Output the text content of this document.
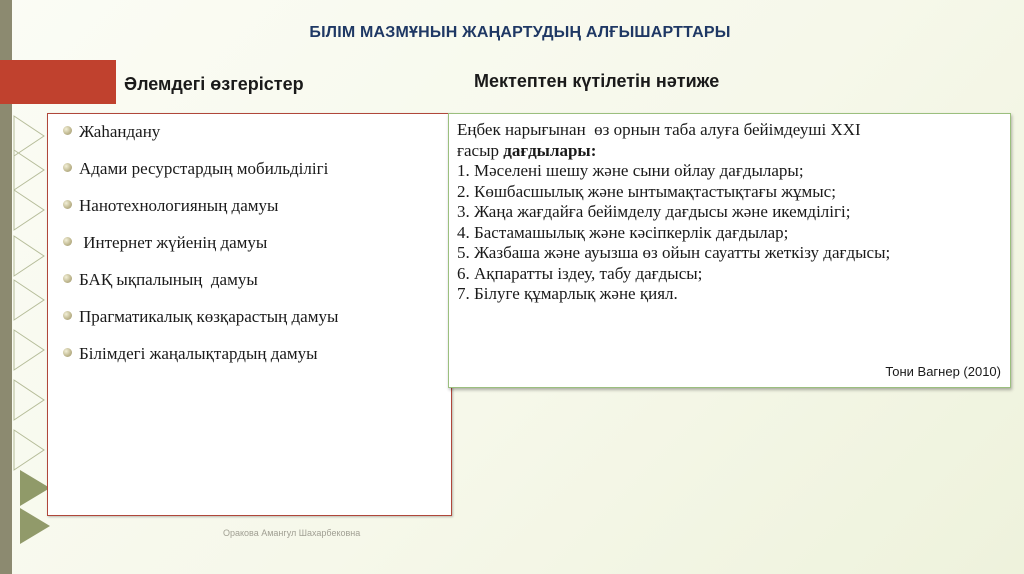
БІЛІМ МАЗМҰНЫН ЖАҢАРТУДЫҢ АЛҒЫШАРТТАРЫ
Әлемдегі өзгерістер	Мектептен күтілетін нәтиже
Жаһандану
Адами ресурстардың мобильділігі
Нанотехнологияның дамуы
Интернет жүйенің дамуы
БАҚ ықпалының  дамуы
Прагматикалық көзқарастың дамуы
Білімдегі жаңалықтардың дамуы
Еңбек нарығынан  өз орнын таба алуға бейімдеуші XXI
ғасыр дағдылары:
1. Мәселені шешу және сыни ойлау дағдылары;
2. Көшбасшылық және ынтымақтастықтағы жұмыс;
3. Жаңа жағдайға бейімделу дағдысы және икемділігі;
4. Бастамашылық және кәсіпкерлік дағдылар;
5. Жазбаша және ауызша өз ойын сауатты жеткізу дағдысы;
6. Ақпаратты іздеу, табу дағдысы;
7. Білуге құмарлық және қиял.
Тони Вагнер (2010)
Оракова Амангул Шахарбековна
